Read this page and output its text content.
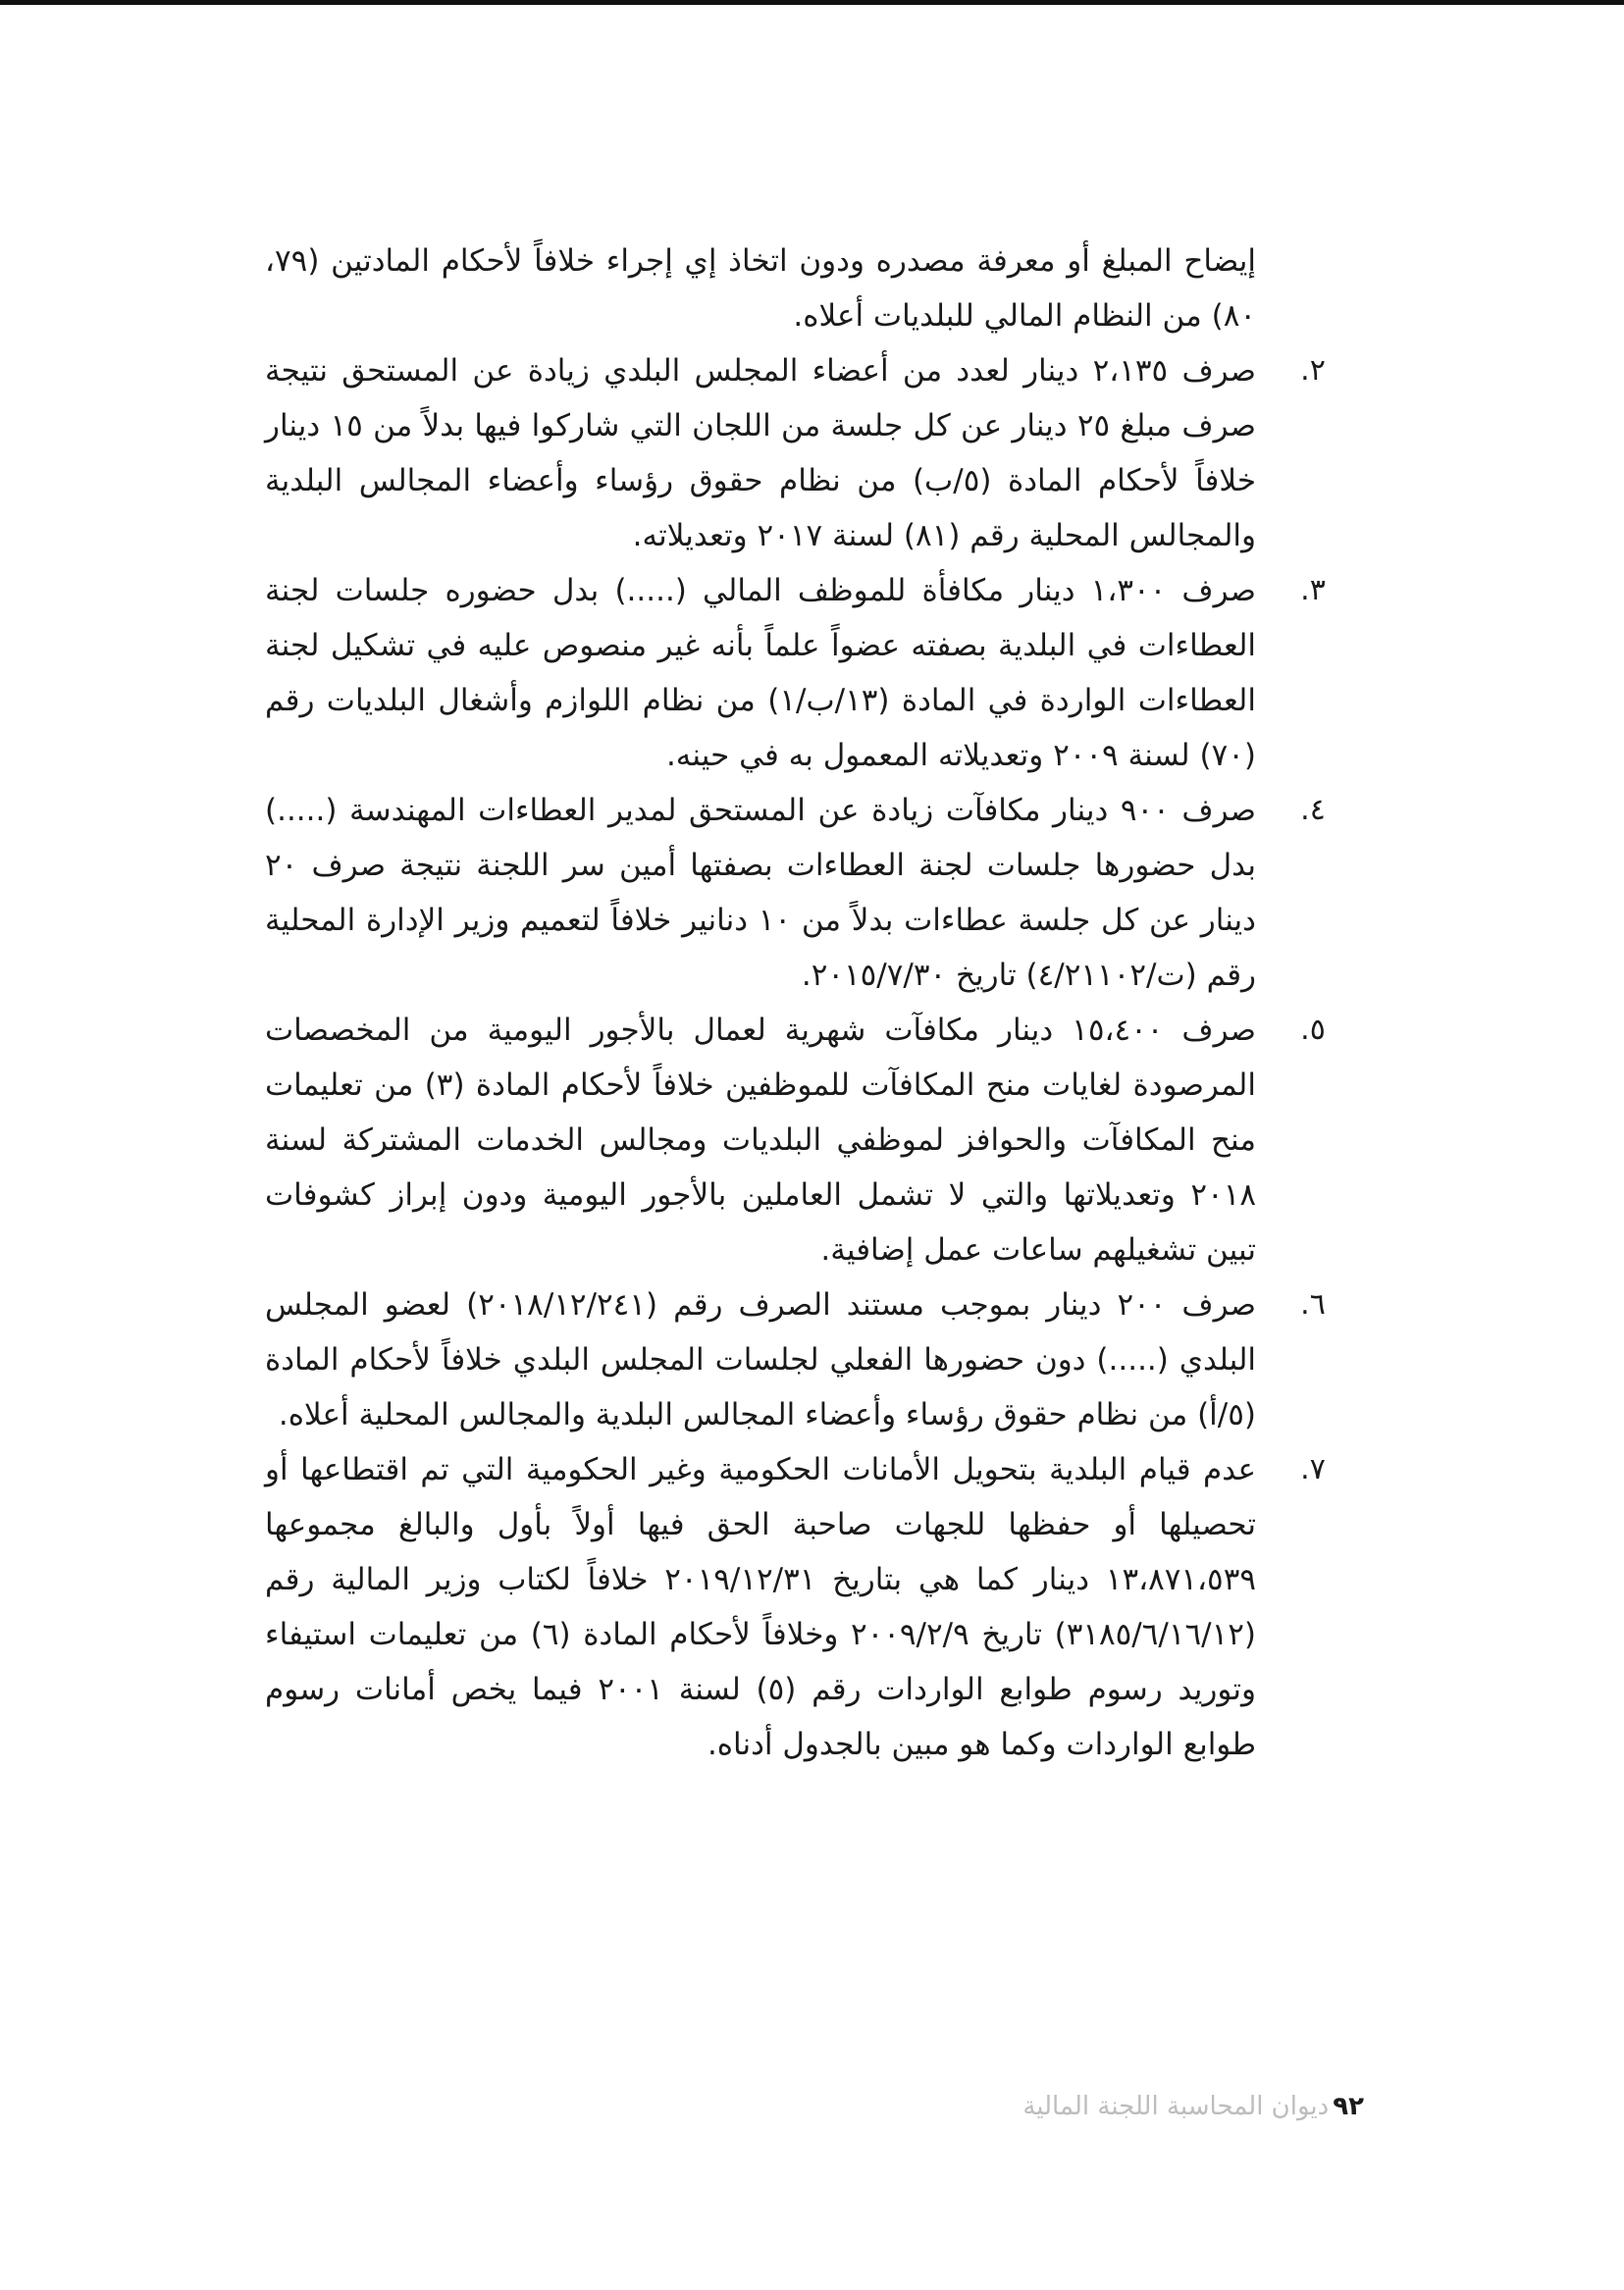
إيضاح المبلغ أو معرفة مصدره ودون اتخاذ إي إجراء خلافاً لأحكام المادتين (٧٩، ٨٠) من النظام المالي للبلديات أعلاه.

٢.
صرف ٢،١٣٥ دينار لعدد من أعضاء المجلس البلدي زيادة عن المستحق نتيجة صرف مبلغ ٢٥ دينار عن كل جلسة من اللجان التي شاركوا فيها بدلاً من ١٥ دينار خلافاً لأحكام المادة (٥/ب) من نظام حقوق رؤساء وأعضاء المجالس البلدية والمجالس المحلية رقم (٨١) لسنة ٢٠١٧ وتعديلاته.
٣.
صرف ١،٣٠٠ دينار مكافأة للموظف المالي (.....) بدل حضوره جلسات لجنة العطاءات في البلدية بصفته عضواً علماً بأنه غير منصوص عليه في تشكيل لجنة العطاءات الواردة في المادة (١٣/ب/١) من نظام اللوازم وأشغال البلديات رقم (٧٠) لسنة ٢٠٠٩ وتعديلاته المعمول به في حينه.
٤.
صرف ٩٠٠ دينار مكافآت زيادة عن المستحق لمدير العطاءات المهندسة (.....) بدل حضورها جلسات لجنة العطاءات بصفتها أمين سر اللجنة نتيجة صرف ٢٠ دينار عن كل جلسة عطاءات بدلاً من ١٠ دنانير خلافاً لتعميم وزير الإدارة المحلية رقم (ت/٤/٢١١٠٢) تاريخ ٢٠١٥/٧/٣٠.
٥.
صرف ١٥،٤٠٠ دينار مكافآت شهرية لعمال بالأجور اليومية من المخصصات المرصودة لغايات منح المكافآت للموظفين خلافاً لأحكام المادة (٣) من تعليمات منح المكافآت والحوافز لموظفي البلديات ومجالس الخدمات المشتركة لسنة ٢٠١٨ وتعديلاتها والتي لا تشمل العاملين بالأجور اليومية ودون إبراز كشوفات تبين تشغيلهم ساعات عمل إضافية.
٦.
صرف ٢٠٠ دينار بموجب مستند الصرف رقم (٢٠١٨/١٢/٢٤١) لعضو المجلس البلدي (.....) دون حضورها الفعلي لجلسات المجلس البلدي خلافاً لأحكام المادة (٥/أ) من نظام حقوق رؤساء وأعضاء المجالس البلدية والمجالس المحلية أعلاه.
٧.
عدم قيام البلدية بتحويل الأمانات الحكومية وغير الحكومية التي تم اقتطاعها أو تحصيلها أو حفظها للجهات صاحبة الحق فيها أولاً بأول والبالغ مجموعها ١٣،٨٧١،٥٣٩ دينار كما هي بتاريخ ٢٠١٩/١٢/٣١ خلافاً لكتاب وزير المالية رقم (٣١٨٥/٦/١٦/١٢) تاريخ ٢٠٠٩/٢/٩ وخلافاً لأحكام المادة (٦) من تعليمات استيفاء وتوريد رسوم طوابع الواردات رقم (٥) لسنة ٢٠٠١ فيما يخص أمانات رسوم طوابع الواردات وكما هو مبين بالجدول أدناه.
٩٢ديوان المحاسبة اللجنة المالية
